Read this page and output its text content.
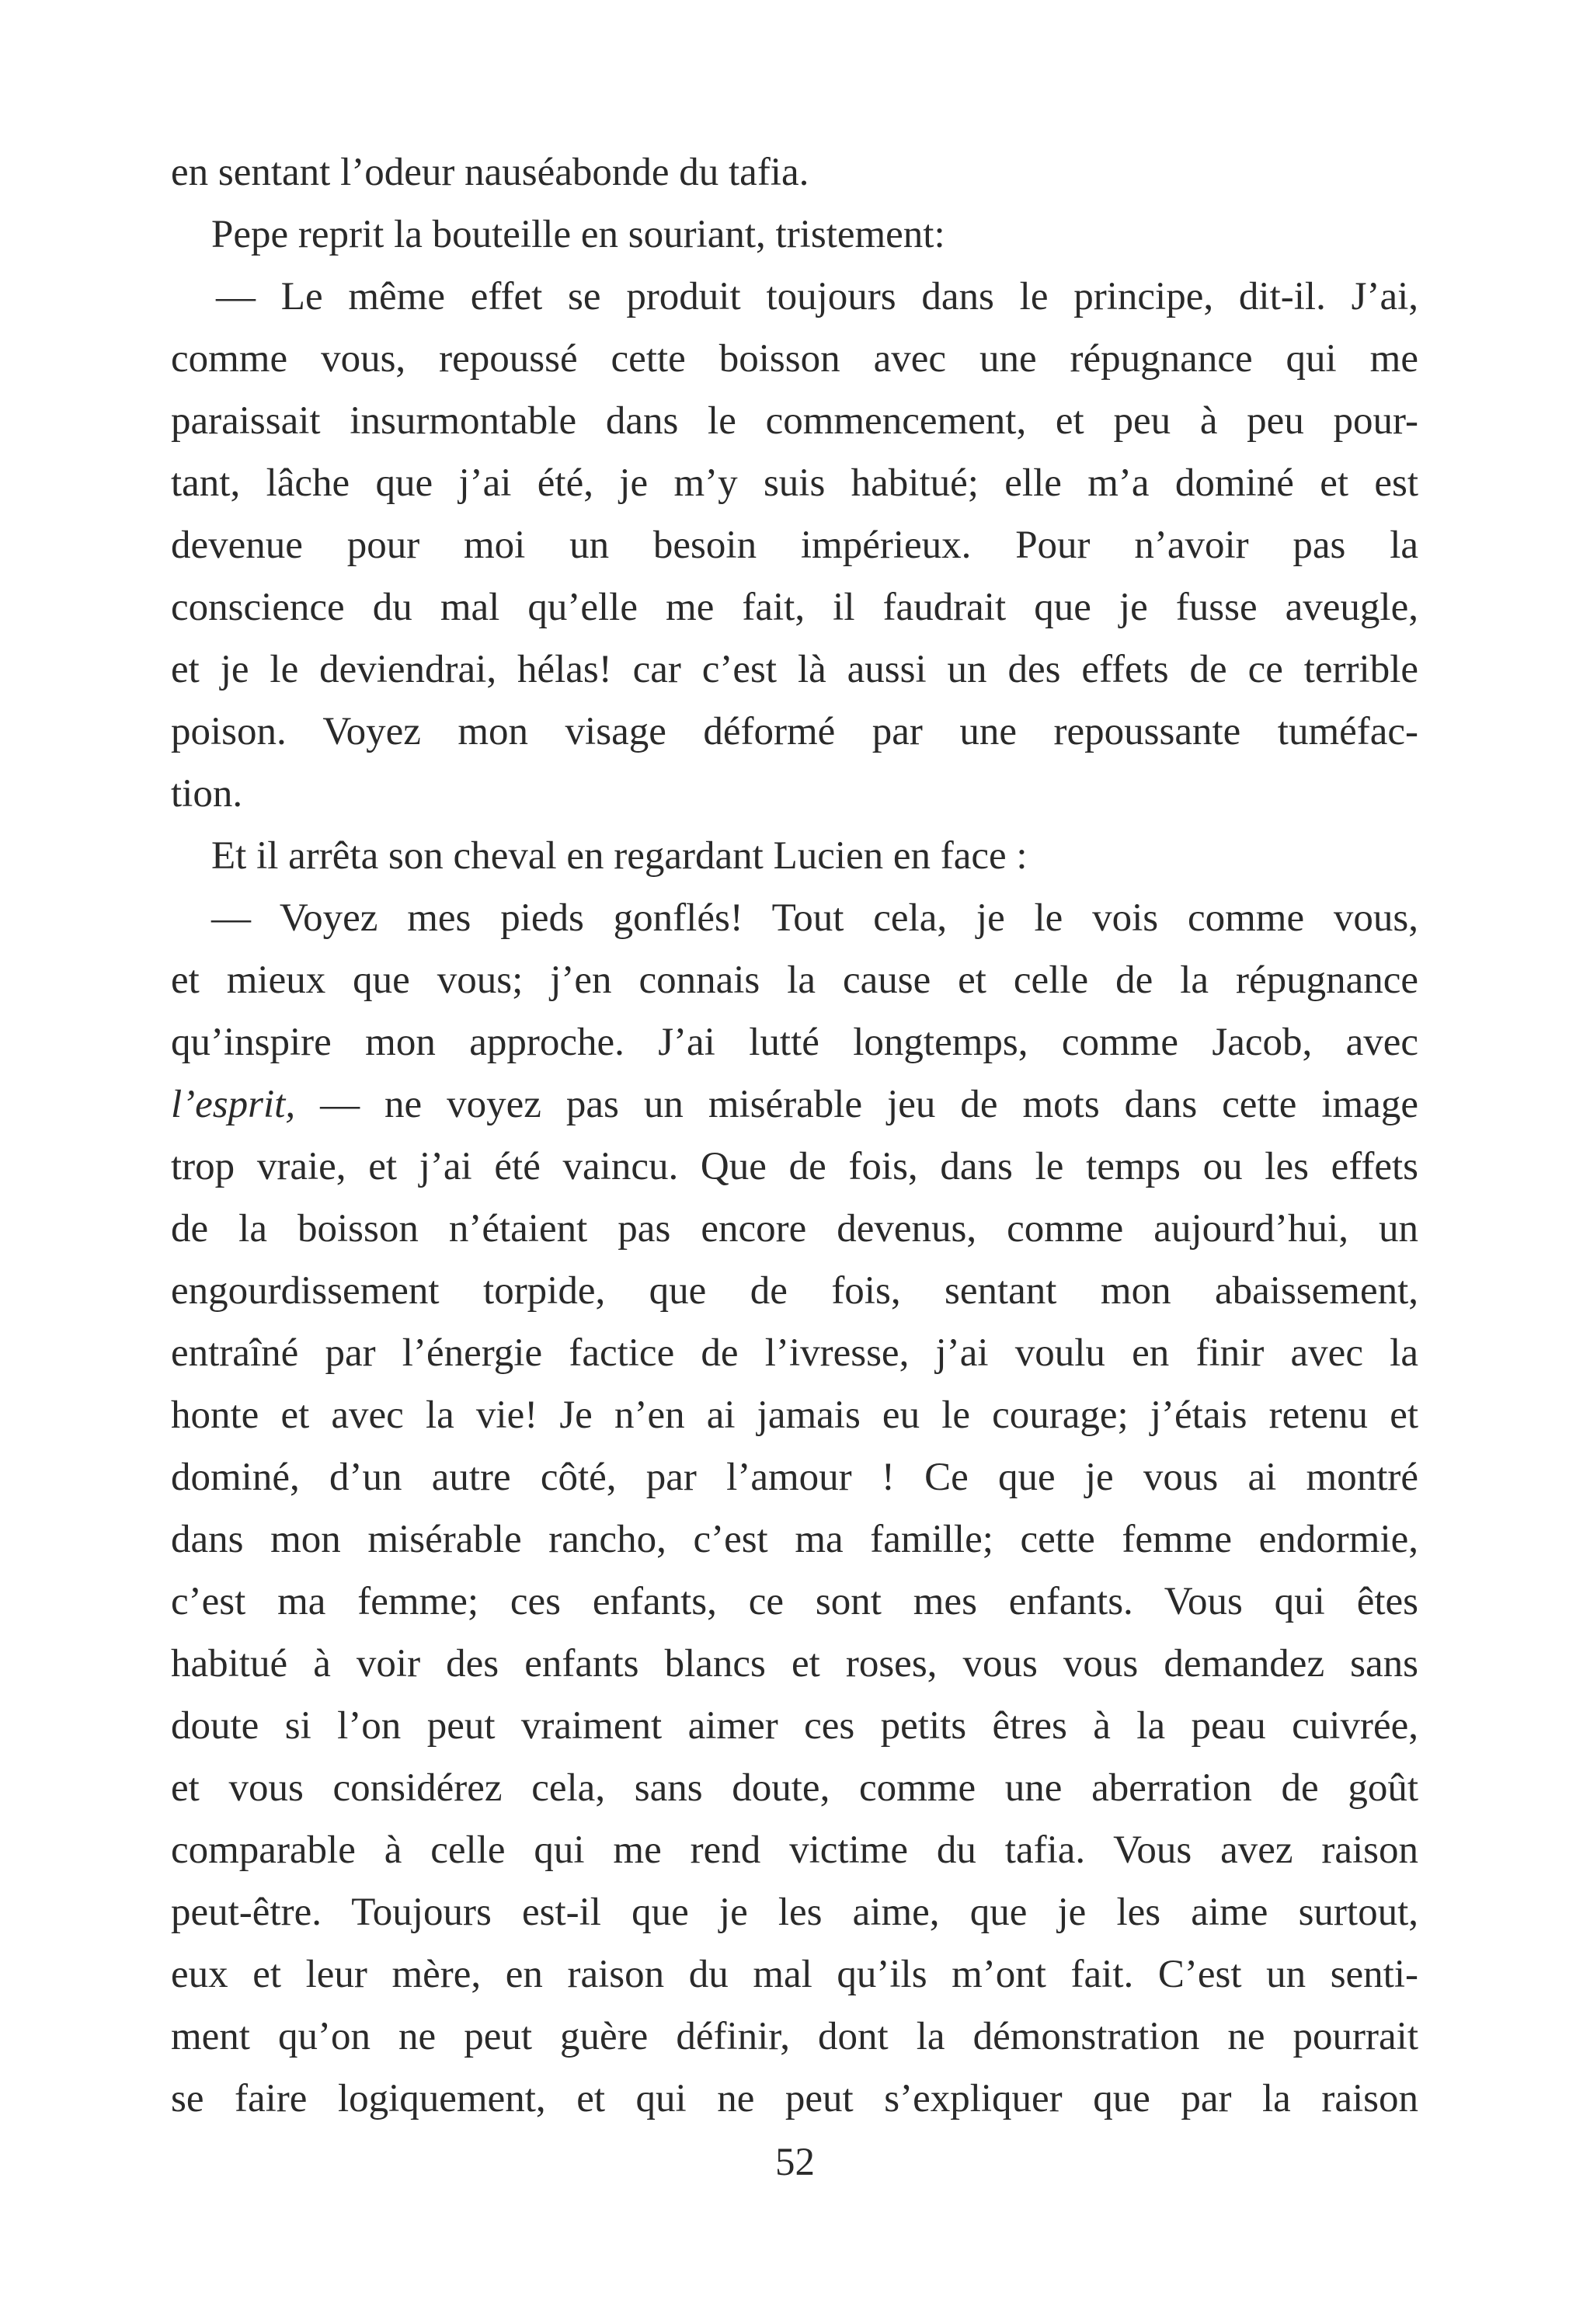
en sentant l’odeur nauséabonde du tafia.
Pepe reprit la bouteille en souriant, tristement:
— Le même effet se produit toujours dans le principe, dit-il. J’ai,
comme vous, repoussé cette boisson avec une répugnance qui me
paraissait insurmontable dans le commencement, et peu à peu pour-
tant, lâche que j’ai été, je m’y suis habitué; elle m’a dominé et est
devenue pour moi un besoin impérieux. Pour n’avoir pas la
conscience du mal qu’elle me fait, il faudrait que je fusse aveugle,
et je le deviendrai, hélas! car c’est là aussi un des effets de ce terrible
poison. Voyez mon visage déformé par une repoussante tuméfac-
tion.
Et il arrêta son cheval en regardant Lucien en face :
— Voyez mes pieds gonflés! Tout cela, je le vois comme vous,
et mieux que vous; j’en connais la cause et celle de la répugnance
qu’inspire mon approche. J’ai lutté longtemps, comme Jacob, avec
l’esprit, — ne voyez pas un misérable jeu de mots dans cette image
trop vraie, et j’ai été vaincu. Que de fois, dans le temps ou les effets
de la boisson n’étaient pas encore devenus, comme aujourd’hui, un
engourdissement torpide, que de fois, sentant mon abaissement,
entraîné par l’énergie factice de l’ivresse, j’ai voulu en finir avec la
honte et avec la vie! Je n’en ai jamais eu le courage; j’étais retenu et
dominé, d’un autre côté, par l’amour ! Ce que je vous ai montré
dans mon misérable rancho, c’est ma famille; cette femme endormie,
c’est ma femme; ces enfants, ce sont mes enfants. Vous qui êtes
habitué à voir des enfants blancs et roses, vous vous demandez sans
doute si l’on peut vraiment aimer ces petits êtres à la peau cuivrée,
et vous considérez cela, sans doute, comme une aberration de goût
comparable à celle qui me rend victime du tafia. Vous avez raison
peut-être. Toujours est-il que je les aime, que je les aime surtout,
eux et leur mère, en raison du mal qu’ils m’ont fait. C’est un senti-
ment qu’on ne peut guère définir, dont la démonstration ne pourrait
se faire logiquement, et qui ne peut s’expliquer que par la raison
52
